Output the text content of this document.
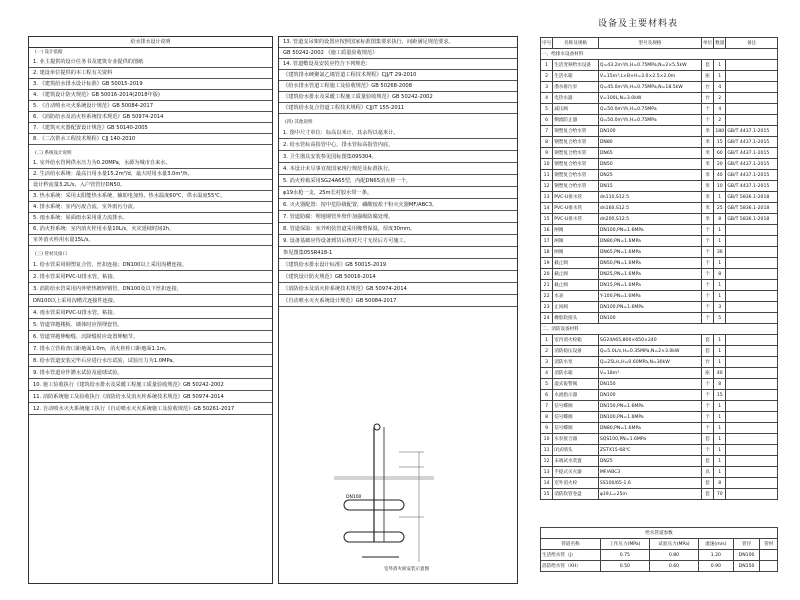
给水排水设计说明
(一) 设计依据
1. 业主提供的设计任务书及建筑专业提供的图纸
2. 建设单位提供的本工程有关资料
3. 《建筑给水排水设计标准》GB 50015-2019
4. 《建筑设计防火规范》GB 50016-2014(2018年版)
5. 《自动喷水灭火系统设计规范》GB 50084-2017
6. 《消防给水及消火栓系统技术规范》GB 50974-2014
7. 《建筑灭火器配置设计规范》GB 50140-2005
8. 《二次供水工程技术规程》CJJ 140-2010
(二) 系统设计说明
1. 室外给水管网供水压力为0.20MPa，水源为城市自来水。
2. 生活给水系统：最高日用水量15.2m³/d，最大时用水量3.0m³/h，
设计秒流量3.2L/s，入户管管径DN50。
3. 热水系统：采用太阳能热水系统，辅助电加热，热水温度60℃，供水温度55℃。
4. 排水系统：室内污废合流，室外雨污分流。
5. 雨水系统：屋面雨水采用重力流排水。
6. 消火栓系统：室内消火栓用水量10L/s，火灾延续时间2h，
室外消火栓用水量15L/s。
(三) 管材及接口
1. 给水管采用钢塑复合管，丝扣连接；DN100以上采用沟槽连接。
2. 排水管采用PVC-U排水管，粘接。
3. 消防给水管采用内外壁热镀锌钢管，DN100及以下丝扣连接，
DN100以上采用沟槽式连接件连接。
4. 雨水管采用PVC-U排水管，粘接。
5. 管道穿越楼板、墙体时应预埋套管。
6. 管道穿越伸缩缝、沉降缝时应设置伸缩节。
7. 排水立管检查口距地面1.0m，消火栓栓口距地面1.1m。
8. 给水管道安装完毕后应进行水压试验，试验压力为1.0MPa。
9. 排水管道应作灌水试验及通球试验。
10. 施工验收执行《建筑给水排水及采暖工程施工质量验收规范》GB 50242-2002
11. 消防系统施工及验收执行《消防给水及消火栓系统技术规范》GB 50974-2014
12. 自动喷水灭火系统施工执行《自动喷水灭火系统施工及验收规范》GB 50261-2017
13. 管道支吊架的设置应按照国家标准图集要求执行，间距满足规范要求。
GB 50242-2002 《施工质量验收规范》
14. 管道敷设及安装应符合下列规范：
《建筑排水硬聚氯乙烯管道工程技术规程》CJJ/T 29-2010
《给水排水管道工程施工及验收规范》GB 50268-2008
《建筑给水排水及采暖工程施工质量验收规范》GB 50242-2002
《建筑给水复合管道工程技术规程》CJJ/T 155-2011
(四) 其他说明
1. 图中尺寸单位：标高以米计，其余均以毫米计。
2. 给水管标高指管中心，排水管标高指管内底。
3. 卫生器具安装参见国标图集09S304。
4. 本设计未尽事宜按国家现行规范及标准执行。
5. 消火栓箱采用SG24A65型，内配DN65消火栓一个，
φ19水枪一支，25m长衬胶水带一条。
6. 灭火器配置：按中危险级配置，磷酸铵盐干粉灭火器MF/ABC3。
7. 管道防腐：埋地钢管外壁作加强级防腐处理。
8. 管道保温：室外明装管道采用橡塑保温，厚度30mm。
9. 设备基础应待设备到货后核对尺寸无误后方可施工。
参见图集05SR418-1
《建筑给水排水设计标准》GB 50015-2019
《建筑设计防火规范》GB 50016-2014
《消防给水及消火栓系统技术规范》GB 50974-2014
《自动喷水灭火系统设计规范》GB 50084-2017
DN100
室外消火栓安装示意图
设备及主要材料表
序号	名称及规格	型号及规格	单位	数量	备注
一、给排水设备材料					
1	生活变频给水设备	Q=43.2m³/h,H=0.75MPa,N=2×5.5kW	套	1	
2	生活水箱	V=15m³,L×B×H=3.0×2.5×2.0m	座	1	
3	潜水排污泵	Q=45.0m³/h,H=0.75MPa,N=18.5kW	台	4	
4	电热水器	V=100L,N=3.0kW	台	2	
5	减压阀	Q=50.0m³/h,H=0.75MPa	个	4	
6	倒流防止器	Q=50.0m³/h,H=0.75MPa	个	2	
7	钢塑复合给水管	DN100	米	180	GB/T 4437.1-2015
8	钢塑复合给水管	DN80	米	15	GB/T 4437.1-2015
9	钢塑复合给水管	DN65	米	60	GB/T 4437.1-2015
10	钢塑复合给水管	DN50	米	20	GB/T 4437.1-2015
11	钢塑复合给水管	DN25	米	40	GB/T 4437.1-2015
12	钢塑复合给水管	DN15	米	10	GB/T 4437.1-2015
13	PVC-U排水管	dn110,S12.5	米	1	GB/T 5836.1-2018
14	PVC-U排水管	dn160,S12.5	米	25	GB/T 5836.1-2018
15	PVC-U排水管	dn200,S12.5	米	8	GB/T 5836.1-2018
16	闸阀	DN100,PN=1.6MPa	个	1	
17	闸阀	DN80,PN=1.6MPa	个	1	
18	闸阀	DN65,PN=1.6MPa	个	36	
19	截止阀	DN50,PN=1.6MPa	个	1	
20	截止阀	DN25,PN=1.6MPa	个	8	
21	截止阀	DN15,PN=1.6MPa	个	1	
22	水表	Y-100,PN=1.6MPa	个	1	
23	止回阀	DN100,PN=1.6MPa	个	3	
24	橡胶软接头	DN100	个	5	
二、消防设备材料					
1	室内消火栓箱	SG24A65,800×650×240	套	1	
2	消防稳压设备	Q=5.0L/s,H=0.35MPa,N=2×3.0kW	套	1	
3	消防水泵	Q=25L/s,H=0.60MPa,N=30kW	台	1	
4	消防水箱	V=18m³	座	40	
5	湿式报警阀	DN150	个	8	
6	水流指示器	DN100	个	15	
7	信号蝶阀	DN150,PN=1.6MPa	个	1	
8	信号蝶阀	DN100,PN=1.6MPa	个	1	
9	信号蝶阀	DN80,PN=1.6MPa	个	1	
10	水泵接合器	SQS100,PN=1.6MPa	套	1	
11	闭式喷头	ZSTX15-68℃	个	1	
12	末端试水装置	DN25	套	1	
13	手提式灭火器	MF/ABC3	具	1	
14	室外消火栓	SS100/65-1.6	套	8	
15	消防软管卷盘	φ19,L=25m	套	70	
给水管道参数					
管道名称	工作压力(MPa)	试验压力(MPa)	流速(m/s)	管径	管材
生活给水管（J）	0.75	0.80	1.20	DN100	
消防给水管（XH）	0.50	0.60	0.90	DN150	
